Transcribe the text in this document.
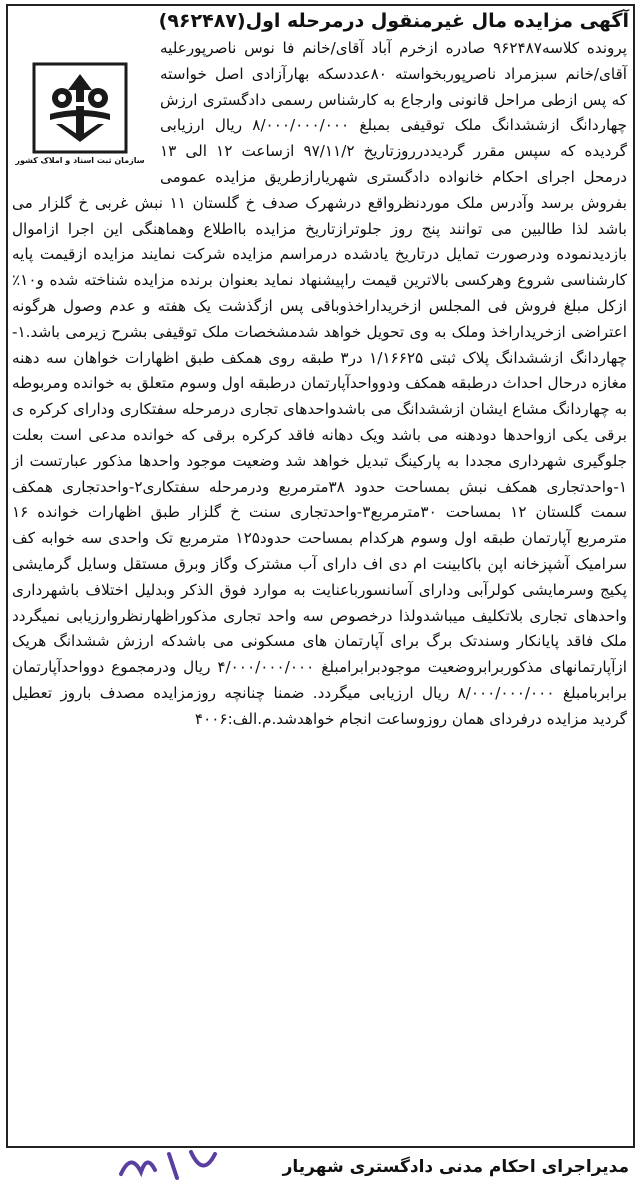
آگهی مزایده مال غیرمنقول درمرحله اول(۹۶۲۴۸۷)
پرونده کلاسه۹۶۲۴۸۷ صادره ازخرم آباد آقای/خانم فا نوس ناصرپورعلیه آقای/خانم سبزمراد ناصرپوربخواسته ۸۰عددسکه بهارآزادی اصل خواسته که پس ازطی مراحل قانونی وارجاع به کارشناس رسمی دادگستری ارزش چهاردانگ ازششدانگ ملک توقیفی بمبلغ ۸/۰۰۰/۰۰۰/۰۰۰ ریال ارزیابی گردیده که سپس مقرر گردیددرروزتاریخ ۹۷/۱۱/۲ ازساعت ۱۲ الی ۱۳ درمحل اجرای احکام خانواده دادگستری شهریارازطریق مزایده عمومی بفروش برسد وآدرس ملک موردنظرواقع درشهرک صدف خ گلستان ۱۱ نبش غربی خ گلزار می باشد لذا طالبین می توانند پنج روز جلوترازتاریخ مزایده بااطلاع وهماهنگی این اجرا ازاموال بازدیدنموده ودرصورت تمایل درتاریخ یادشده درمراسم مزایده شرکت نمایند مزایده ازقیمت پایه کارشناسی شروع وهرکسی بالاترین قیمت راپیشنهاد نماید بعنوان برنده مزایده شناخته شده و۱۰٪ ازکل مبلغ فروش فی المجلس ازخریداراخذوباقی پس ازگذشت یک هفته و عدم وصول هرگونه اعتراضی ازخریداراخذ وملک به وی تحویل خواهد شدمشخصات ملک توقیفی بشرح زیرمی باشد.۱-چهاردانگ ازششدانگ پلاک ثبتی ۱/۱۶۶۲۵ در۳ طبقه روی همکف طبق اظهارات خواهان سه دهنه مغازه درحال احداث درطبقه همکف ودوواحدآپارتمان درطبقه اول وسوم متعلق به خوانده ومربوطه به چهاردانگ مشاع ایشان ازششدانگ می باشدواحدهای تجاری درمرحله سفتکاری ودارای کرکره ی برقی یکی ازواحدها دودهنه می باشد ویک دهانه فاقد کرکره برقی که خوانده مدعی است بعلت جلوگیری شهرداری مجددا به پارکینگ تبدیل خواهد شد وضعیت موجود واحدها مذکور عبارتست از ۱-واحدتجاری همکف نبش بمساحت حدود ۳۸مترمربع ودرمرحله سفتکاری۲-واحدتجاری همکف سمت گلستان ۱۲ بمساحت ۳۰مترمربع۳-واحدتجاری سنت خ گلزار طبق اظهارات خوانده ۱۶ مترمربع آپارتمان طبقه اول وسوم هرکدام بمساحت حدود۱۲۵ مترمربع تک واحدی سه خوابه کف سرامیک آشپزخانه اپن باکابینت ام دی اف دارای آب مشترک وگاز وبرق مستقل وسایل گرمایشی پکیج وسرمایشی کولرآبی ودارای آسانسورباعنایت به موارد فوق الذکر وبدلیل اختلاف باشهرداری واحدهای تجاری بلاتکلیف میباشدولذا درخصوص سه واحد تجاری مذکوراظهارنظروارزیابی نمیگردد ملک فاقد پایانکار وسندتک برگ برای آپارتمان های مسکونی می باشدکه ارزش ششدانگ هریک ازآپارتمانهای مذکوربرابروضعیت موجودبرابرامبلغ ۴/۰۰۰/۰۰۰/۰۰۰ ریال ودرمجموع دوواحدآپارتمان برابربامبلغ ۸/۰۰۰/۰۰۰/۰۰۰ ریال ارزیابی میگردد. ضمنا چنانچه روزمزایده مصدف باروز تعطیل گردید مزایده درفردای همان روزوساعت انجام خواهدشد.م.الف:۴۰۰۶
سازمان ثبت اسناد و املاک کشور
مدیراجرای احکام مدنی دادگستری شهریار
